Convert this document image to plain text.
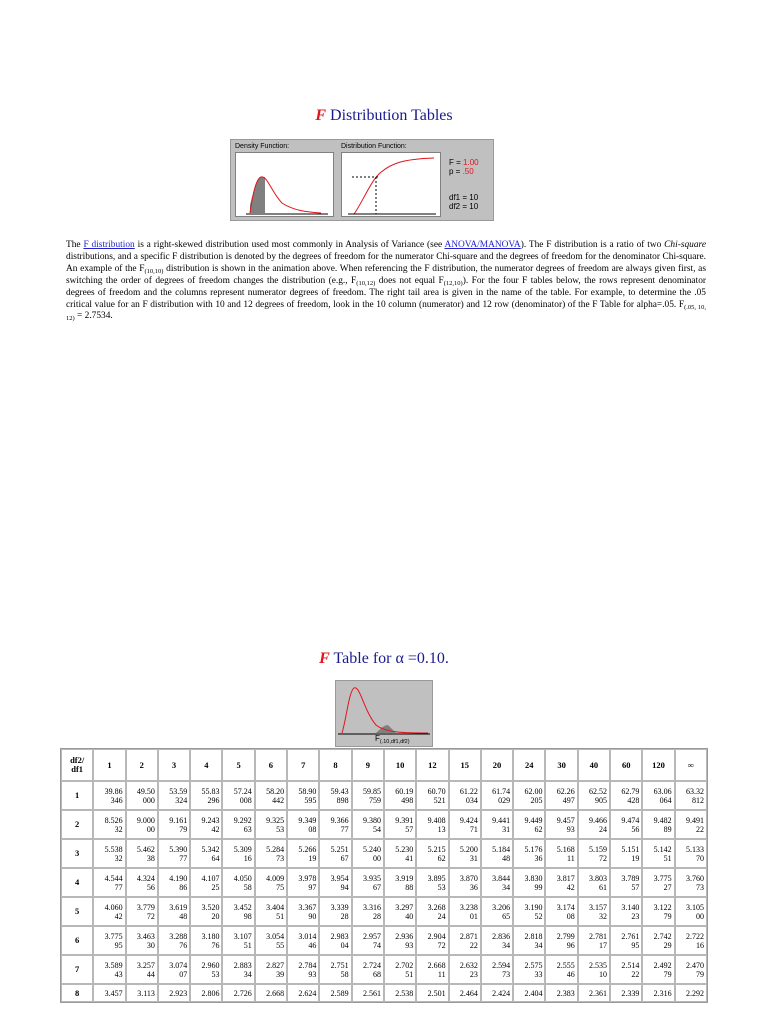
F Distribution Tables
Density Function:	Distribution Function:
F = 1.00
p = .50
df1 = 10
df2 = 10
The F distribution is a right-skewed distribution used most commonly in Analysis of Variance (see ANOVA/MANOVA). The F distribution is a ratio of two Chi-square distributions, and a specific F distribution is denoted by the degrees of freedom for the numerator Chi-square and the degrees of freedom for the denominator Chi-square. An example of the $F_{(10,10)}$ distribution is shown in the animation above. When referencing the F distribution, the numerator degrees of freedom are always given first, as switching the order of degrees of freedom changes the distribution (e.g., $F_{(10,12)}$ does not equal $F_{(12,10)}$). For the four F tables below, the rows represent denominator degrees of freedom and the columns represent numerator degrees of freedom. The right tail area is given in the name of the table. For example, to determine the .05 critical value for an F distribution with 10 and 12 degrees of freedom, look in the 10 column (numerator) and 12 row (denominator) of the F Table for alpha=.05. $F_{(.05, 10, 12)} = 2.7534$.
F Table for α =0.10.
$F_{(.10,df1,df2)}$
df2/ df1	1	2	3	4	5	6	7	8	9	10	12	15	20	24	30	40	60	120	∞
1	39.86 346	49.50 000	53.59 324	55.83 296	57.24 008	58.20 442	58.90 595	59.43 898	59.85 759	60.19 498	60.70 521	61.22 034	61.74 029	62.00 205	62.26 497	62.52 905	62.79 428	63.06 064	63.32 812
2	8.526 32	9.000 00	9.161 79	9.243 42	9.292 63	9.325 53	9.349 08	9.366 77	9.380 54	9.391 57	9.408 13	9.424 71	9.441 31	9.449 62	9.457 93	9.466 24	9.474 56	9.482 89	9.491 22
3	5.538 32	5.462 38	5.390 77	5.342 64	5.309 16	5.284 73	5.266 19	5.251 67	5.240 00	5.230 41	5.215 62	5.200 31	5.184 48	5.176 36	5.168 11	5.159 72	5.151 19	5.142 51	5.133 70
4	4.544 77	4.324 56	4.190 86	4.107 25	4.050 58	4.009 75	3.978 97	3.954 94	3.935 67	3.919 88	3.895 53	3.870 36	3.844 34	3.830 99	3.817 42	3.803 61	3.789 57	3.775 27	3.760 73
5	4.060 42	3.779 72	3.619 48	3.520 20	3.452 98	3.404 51	3.367 90	3.339 28	3.316 28	3.297 40	3.268 24	3.238 01	3.206 65	3.190 52	3.174 08	3.157 32	3.140 23	3.122 79	3.105 00
6	3.775 95	3.463 30	3.288 76	3.180 76	3.107 51	3.054 55	3.014 46	2.983 04	2.957 74	2.936 93	2.904 72	2.871 22	2.836 34	2.818 34	2.799 96	2.781 17	2.761 95	2.742 29	2.722 16
7	3.589 43	3.257 44	3.074 07	2.960 53	2.883 34	2.827 39	2.784 93	2.751 58	2.724 68	2.702 51	2.668 11	2.632 23	2.594 73	2.575 33	2.555 46	2.535 10	2.514 22	2.492 79	2.470 79
8	3.457	3.113	2.923	2.806	2.726	2.668	2.624	2.589	2.561	2.538	2.501	2.464	2.424	2.404	2.383	2.361	2.339	2.316	2.292
